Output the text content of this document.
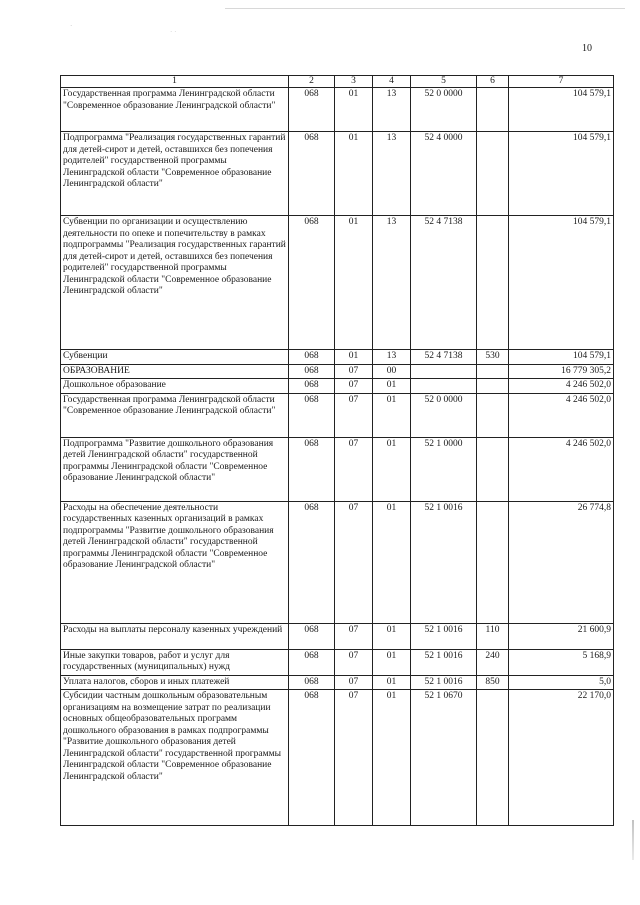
·
· ·
10
1	2	3	4	5	6	7
Государственная программа Ленинградской области "Современное образование Ленинградской области"	068	01	13	52 0 0000		104 579,1
Подпрограмма "Реализация государственных гарантий для детей-сирот и детей, оставшихся без попечения родителей" государственной программы Ленинградской области "Современное образование Ленинградской области"	068	01	13	52 4 0000		104 579,1
Субвенции по организации и осуществлению деятельности по опеке и попечительству в рамках подпрограммы "Реализация государственных гарантий для детей-сирот и детей, оставшихся без попечения родителей" государственной программы Ленинградской области "Современное образование Ленинградской области"	068	01	13	52 4 7138		104 579,1
Субвенции	068	01	13	52 4 7138	530	104 579,1
ОБРАЗОВАНИЕ	068	07	00			16 779 305,2
Дошкольное образование	068	07	01			4 246 502,0
Государственная программа Ленинградской области "Современное образование Ленинградской области"	068	07	01	52 0 0000		4 246 502,0
Подпрограмма "Развитие дошкольного образования детей Ленинградской области" государственной программы Ленинградской области "Современное образование Ленинградской области"	068	07	01	52 1 0000		4 246 502,0
Расходы на обеспечение деятельности государственных казенных организаций в рамках подпрограммы "Развитие дошкольного образования детей Ленинградской области" государственной программы Ленинградской области "Современное образование Ленинградской области"	068	07	01	52 1 0016		26 774,8
Расходы на выплаты персоналу казенных учреждений	068	07	01	52 1 0016	110	21 600,9
Иные закупки товаров, работ и услуг для государственных (муниципальных) нужд	068	07	01	52 1 0016	240	5 168,9
Уплата налогов, сборов и иных платежей	068	07	01	52 1 0016	850	5,0
Субсидии частным дошкольным образовательным организациям на возмещение затрат по реализации основных общеобразовательных программ дошкольного образования в рамках подпрограммы "Развитие дошкольного образования детей Ленинградской области" государственной программы Ленинградской области "Современное образование Ленинградской области"	068	07	01	52 1 0670		22 170,0
